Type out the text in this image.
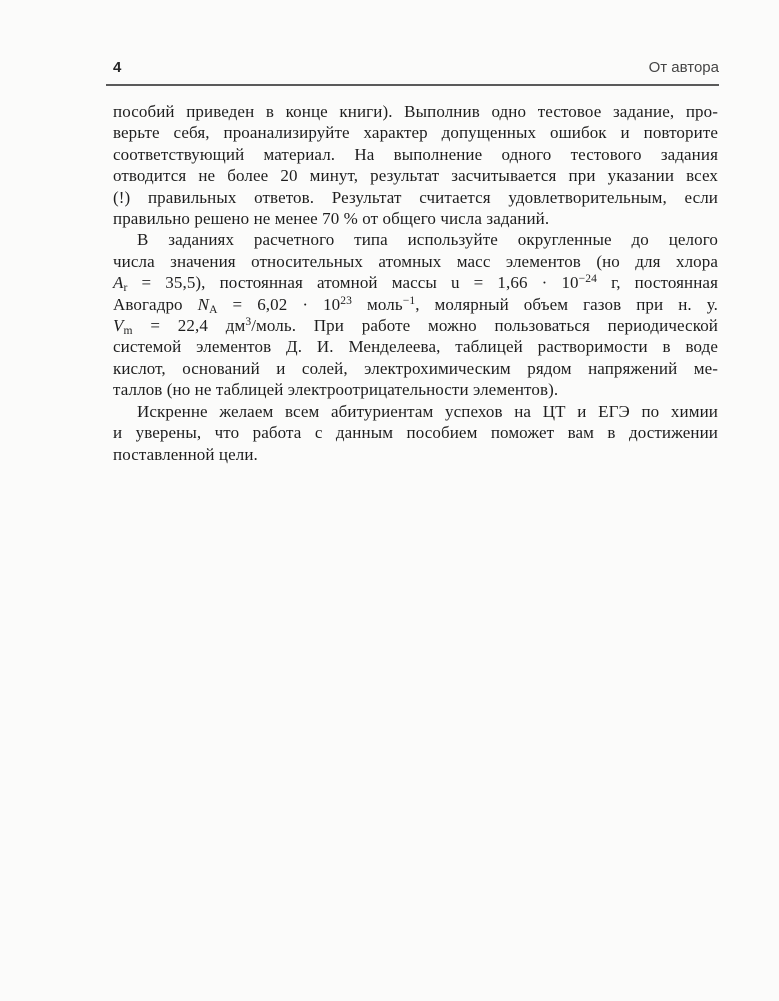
4	От автора
пособий приведен в конце книги). Выполнив одно тестовое задание, про-
верьте себя, проанализируйте характер допущенных ошибок и повторите
соответствующий материал. На выполнение одного тестового задания
отводится не более 20 минут, результат засчитывается при указании всех
(!) правильных ответов. Результат считается удовлетворительным, если
правильно решено не менее 70 % от общего числа заданий.
В заданиях расчетного типа используйте округленные до целого
числа значения относительных атомных масс элементов (но для хлора
$A_r = 35,5$), постоянная атомной массы $u = 1,66 \cdot 10^{-24}$ г, постоянная
Авогадро $N_А = 6,02 \cdot 10^{23}$ моль$^{-1}$, молярный объем газов при н. у.
$V_m = 22,4$ $дм^3$/моль. При работе можно пользоваться периодической
системой элементов Д. И. Менделеева, таблицей растворимости в воде
кислот, оснований и солей, электрохимическим рядом напряжений ме-
таллов (но не таблицей электроотрицательности элементов).
Искренне желаем всем абитуриентам успехов на ЦТ и ЕГЭ по химии
и уверены, что работа с данным пособием поможет вам в достижении
поставленной цели.
